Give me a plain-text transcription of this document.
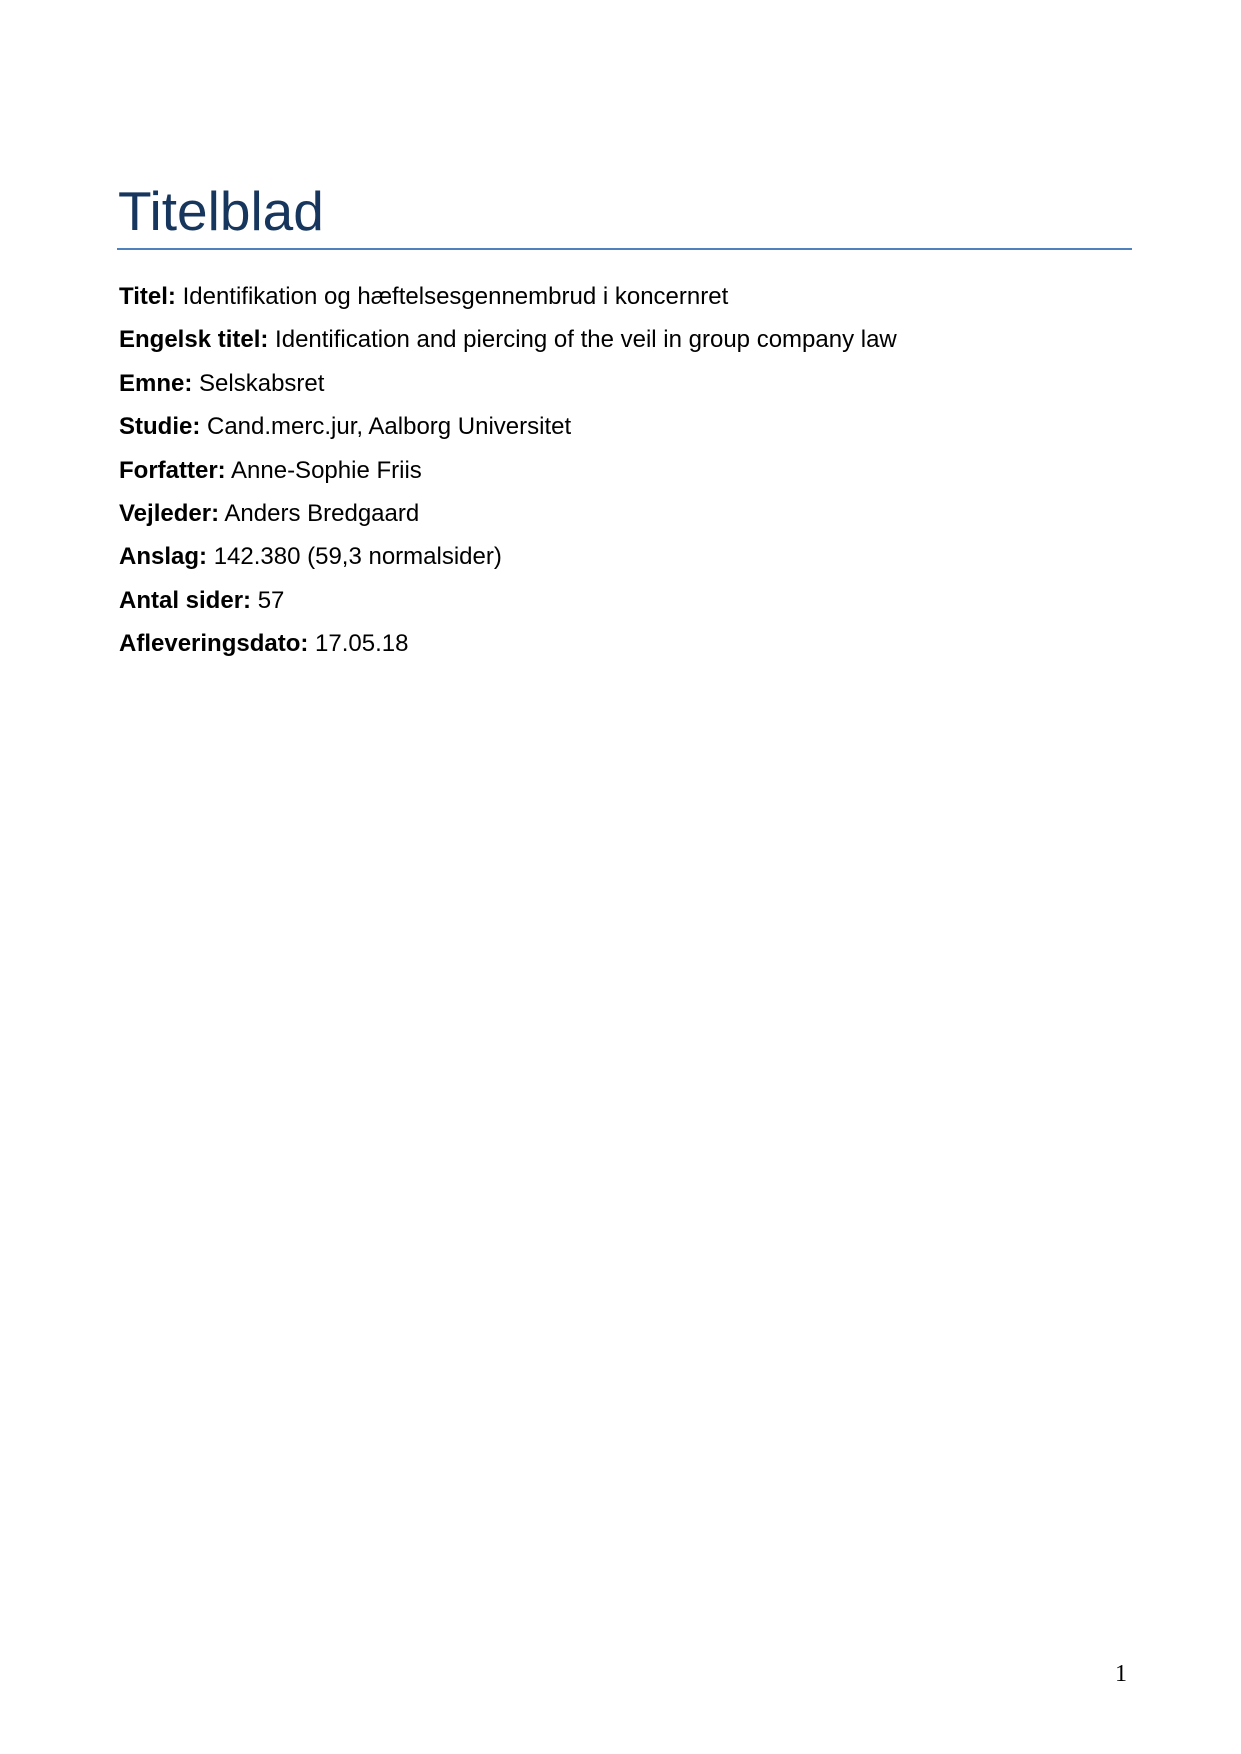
Titelblad
Titel: Identifikation og hæftelsesgennembrud i koncernret
Engelsk titel: Identification and piercing of the veil in group company law
Emne: Selskabsret
Studie: Cand.merc.jur, Aalborg Universitet
Forfatter: Anne-Sophie Friis
Vejleder: Anders Bredgaard
Anslag: 142.380 (59,3 normalsider)
Antal sider: 57
Afleveringsdato: 17.05.18
1
